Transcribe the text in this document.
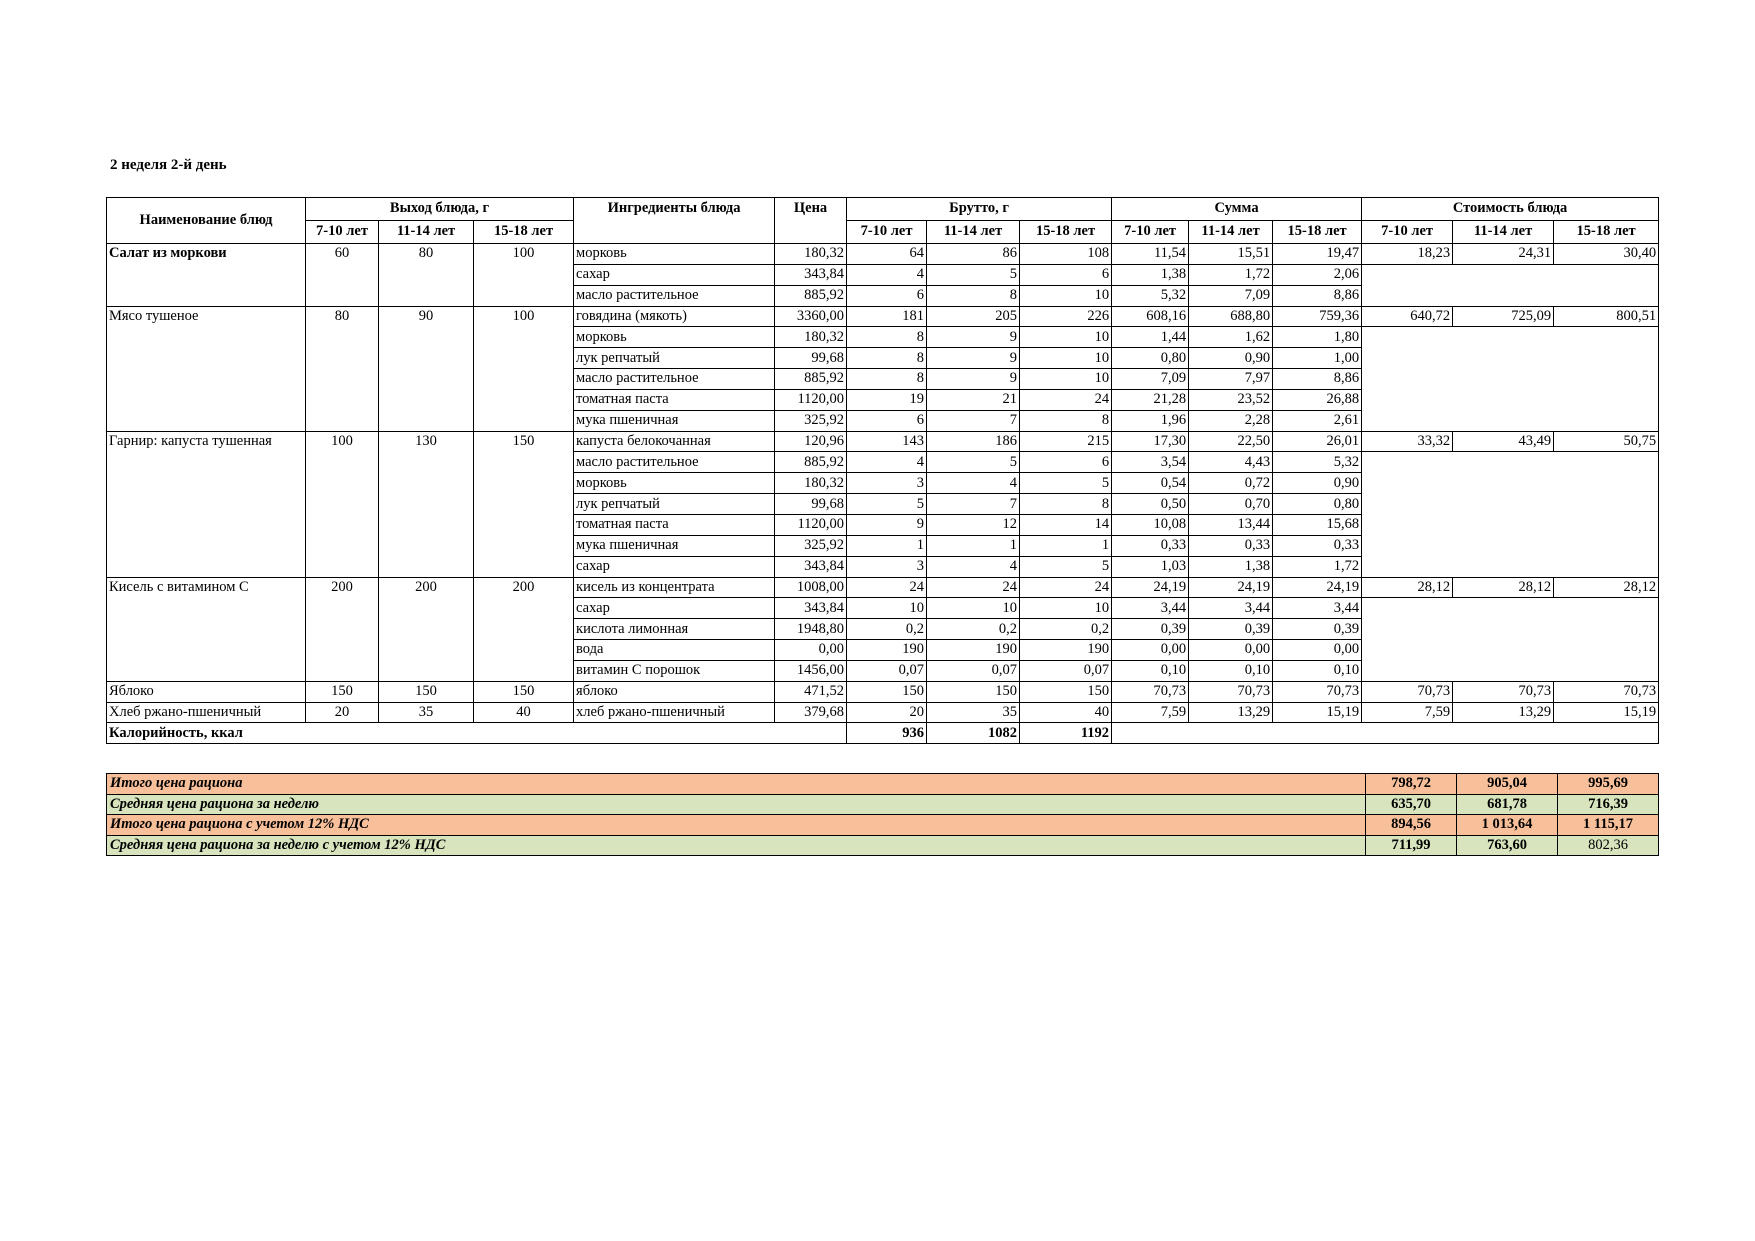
2 неделя 2-й день
Наименование блюд	Выход блюда, г			Ингредиенты блюда	Цена	Брутто, г			Сумма			Стоимость блюда		
	7-10 лет	11-14 лет	15-18 лет			7-10 лет	11-14 лет	15-18 лет	7-10 лет	11-14 лет	15-18 лет	7-10 лет	11-14 лет	15-18 лет
Салат из моркови	60	80	100	морковь	180,32	64	86	108	11,54	15,51	19,47	18,23	24,31	30,40
				сахар	343,84	4	5	6	1,38	1,72	2,06			
				масло растительное	885,92	6	8	10	5,32	7,09	8,86			
Мясо тушеное	80	90	100	говядина (мякоть)	3360,00	181	205	226	608,16	688,80	759,36	640,72	725,09	800,51
				морковь	180,32	8	9	10	1,44	1,62	1,80			
				лук репчатый	99,68	8	9	10	0,80	0,90	1,00			
				масло растительное	885,92	8	9	10	7,09	7,97	8,86			
				томатная паста	1120,00	19	21	24	21,28	23,52	26,88			
				мука пшеничная	325,92	6	7	8	1,96	2,28	2,61			
Гарнир: капуста тушенная	100	130	150	капуста белокочанная	120,96	143	186	215	17,30	22,50	26,01	33,32	43,49	50,75
				масло растительное	885,92	4	5	6	3,54	4,43	5,32			
				морковь	180,32	3	4	5	0,54	0,72	0,90			
				лук репчатый	99,68	5	7	8	0,50	0,70	0,80			
				томатная паста	1120,00	9	12	14	10,08	13,44	15,68			
				мука пшеничная	325,92	1	1	1	0,33	0,33	0,33			
				сахар	343,84	3	4	5	1,03	1,38	1,72			
Кисель с витамином С	200	200	200	кисель из концентрата	1008,00	24	24	24	24,19	24,19	24,19	28,12	28,12	28,12
				сахар	343,84	10	10	10	3,44	3,44	3,44			
				кислота лимонная	1948,80	0,2	0,2	0,2	0,39	0,39	0,39			
				вода	0,00	190	190	190	0,00	0,00	0,00			
				витамин С порошок	1456,00	0,07	0,07	0,07	0,10	0,10	0,10			
Яблоко	150	150	150	яблоко	471,52	150	150	150	70,73	70,73	70,73	70,73	70,73	70,73
Хлеб ржано-пшеничный	20	35	40	хлеб ржано-пшеничный	379,68	20	35	40	7,59	13,29	15,19	7,59	13,29	15,19
Калорийность, ккал						936	1082	1192						
Итого цена рациона	798,72	905,04	995,69
Средняя цена рациона за неделю	635,70	681,78	716,39
Итого цена рациона с учетом 12% НДС	894,56	1 013,64	1 115,17
Средняя цена рациона за неделю с учетом 12% НДС	711,99	763,60	802,36
